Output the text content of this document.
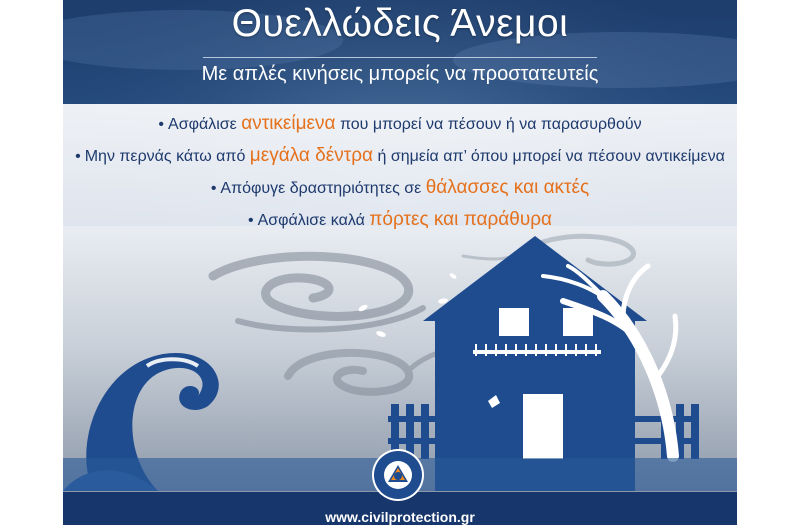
Θυελλώδεις Άνεμοι
Με απλές κινήσεις μπορείς να προστατευτείς
• Ασφάλισε αντικείμενα που μπορεί να πέσουν ή να παρασυρθούν
• Μην περνάς κάτω από μεγάλα δέντρα ή σημεία απ’ όπου μπορεί να πέσουν αντικείμενα
• Απόφυγε δραστηριότητες σε θάλασσες και ακτές
• Ασφάλισε καλά πόρτες και παράθυρα
www.civilprotection.gr
